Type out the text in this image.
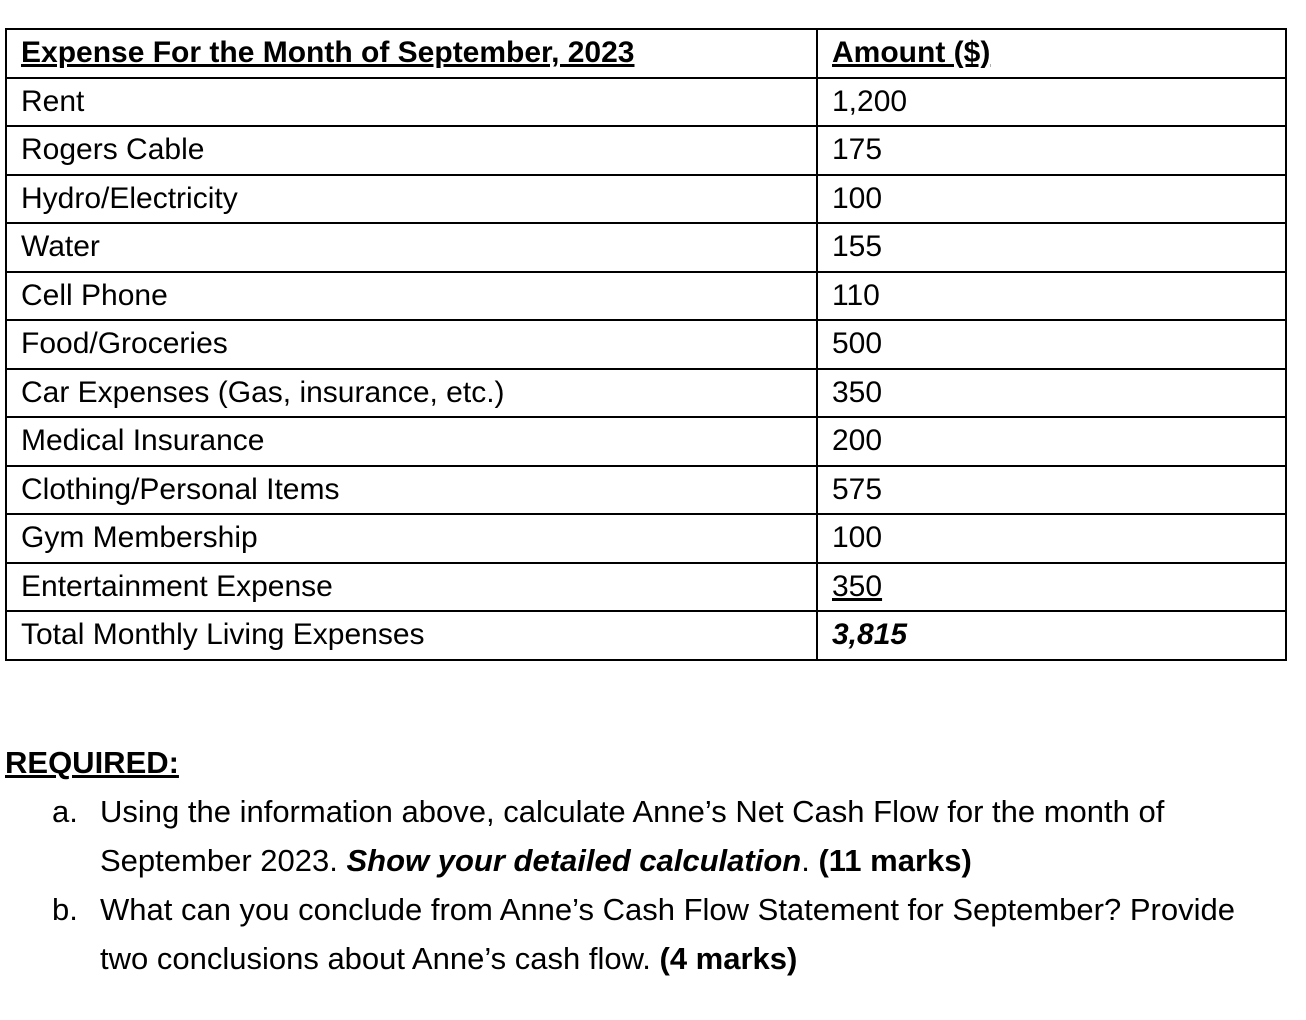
Expense For the Month of September, 2023	Amount ($)
Rent	1,200
Rogers Cable	175
Hydro/Electricity	100
Water	155
Cell Phone	110
Food/Groceries	500
Car Expenses (Gas, insurance, etc.)	350
Medical Insurance	200
Clothing/Personal Items	575
Gym Membership	100
Entertainment Expense	350
Total Monthly Living Expenses	3,815

REQUIRED:

a. Using the information above, calculate Anne’s Net Cash Flow for the month of September 2023. Show your detailed calculation. (11 marks)

b. What can you conclude from Anne’s Cash Flow Statement for September? Provide two conclusions about Anne’s cash flow. (4 marks)
